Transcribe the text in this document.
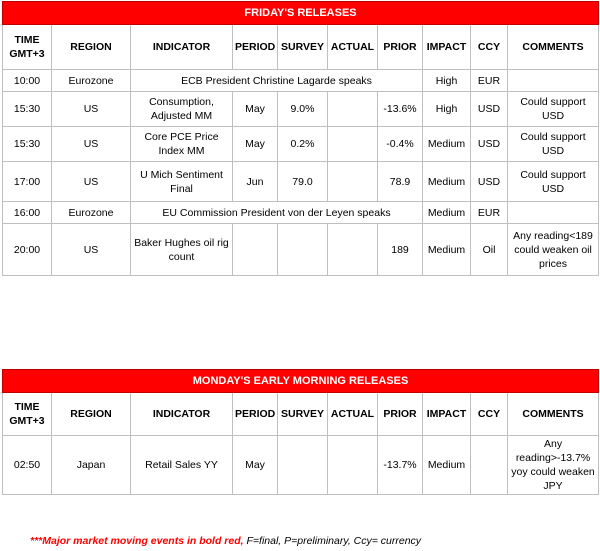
FRIDAY'S RELEASES									
TIME GMT+3	REGION	INDICATOR	PERIOD	SURVEY	ACTUAL	PRIOR	IMPACT	CCY	COMMENTS
10:00	Eurozone	ECB President Christine Lagarde speaks					High	EUR	
15:30	US	Consumption, Adjusted MM	May	9.0%		-13.6%	High	USD	Could support USD
15:30	US	Core PCE Price Index MM	May	0.2%		-0.4%	Medium	USD	Could support USD
17:00	US	U Mich Sentiment Final	Jun	79.0		78.9	Medium	USD	Could support USD
16:00	Eurozone	EU Commission President von der Leyen speaks					Medium	EUR	
20:00	US	Baker Hughes oil rig count				189	Medium	Oil	Any reading<189 could weaken oil prices
MONDAY'S EARLY MORNING RELEASES									
TIME GMT+3	REGION	INDICATOR	PERIOD	SURVEY	ACTUAL	PRIOR	IMPACT	CCY	COMMENTS
02:50	Japan	Retail Sales YY	May			-13.7%	Medium		Any reading>-13.7% yoy could weaken JPY
***Major market moving events in bold red, F=final, P=preliminary, Ccy= currency
